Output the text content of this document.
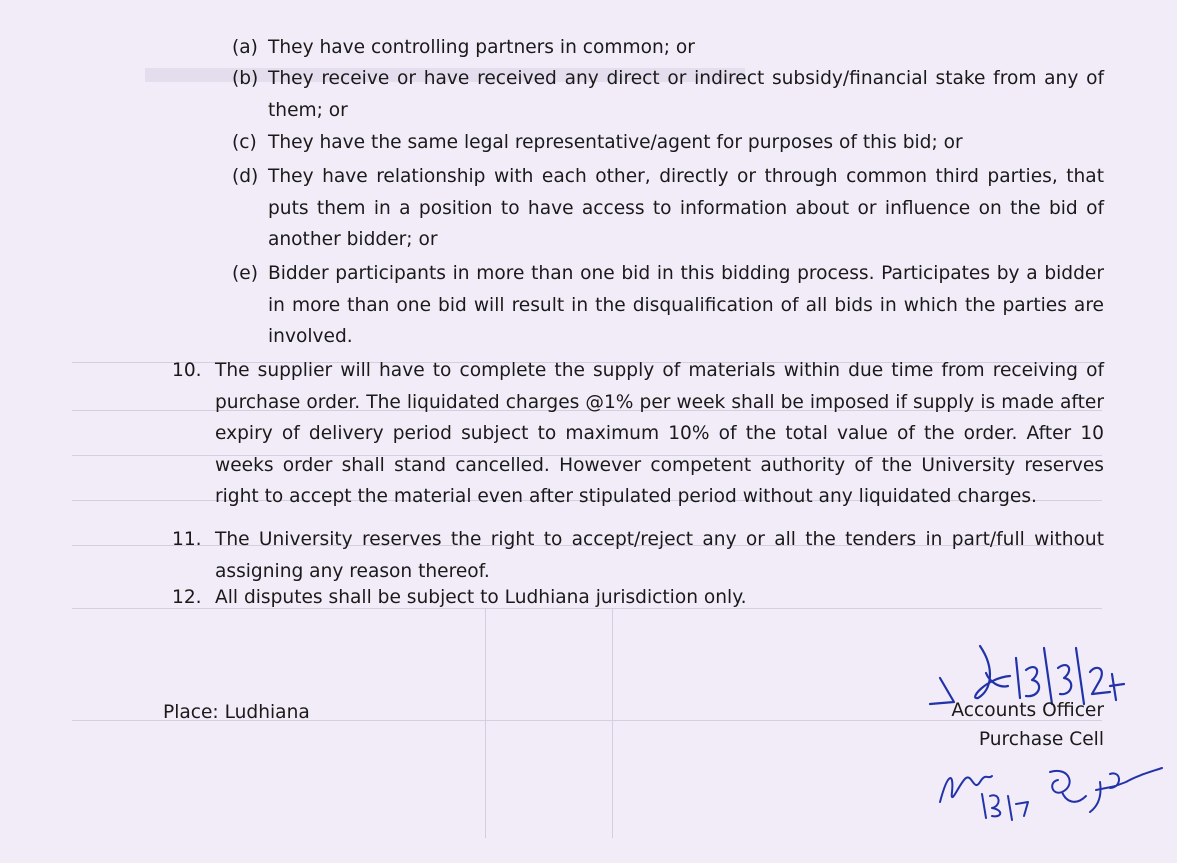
(a) They have controlling partners in common; or
(b) They receive or have received any direct or indirect subsidy/financial stake from any of them; or
(c) They have the same legal representative/agent for purposes of this bid; or
(d) They have relationship with each other, directly or through common third parties, that puts them in a position to have access to information about or influence on the bid of another bidder; or
(e) Bidder participants in more than one bid in this bidding process. Participates by a bidder in more than one bid will result in the disqualification of all bids in which the parties are involved.
10. The supplier will have to complete the supply of materials within due time from receiving of purchase order. The liquidated charges @1% per week shall be imposed if supply is made after expiry of delivery period subject to maximum 10% of the total value of the order. After 10 weeks order shall stand cancelled. However competent authority of the University reserves right to accept the material even after stipulated period without any liquidated charges.
11. The University reserves the right to accept/reject any or all the tenders in part/full without assigning any reason thereof.
12. All disputes shall be subject to Ludhiana jurisdiction only.
Place: Ludhiana	Accounts Officer
Purchase Cell
